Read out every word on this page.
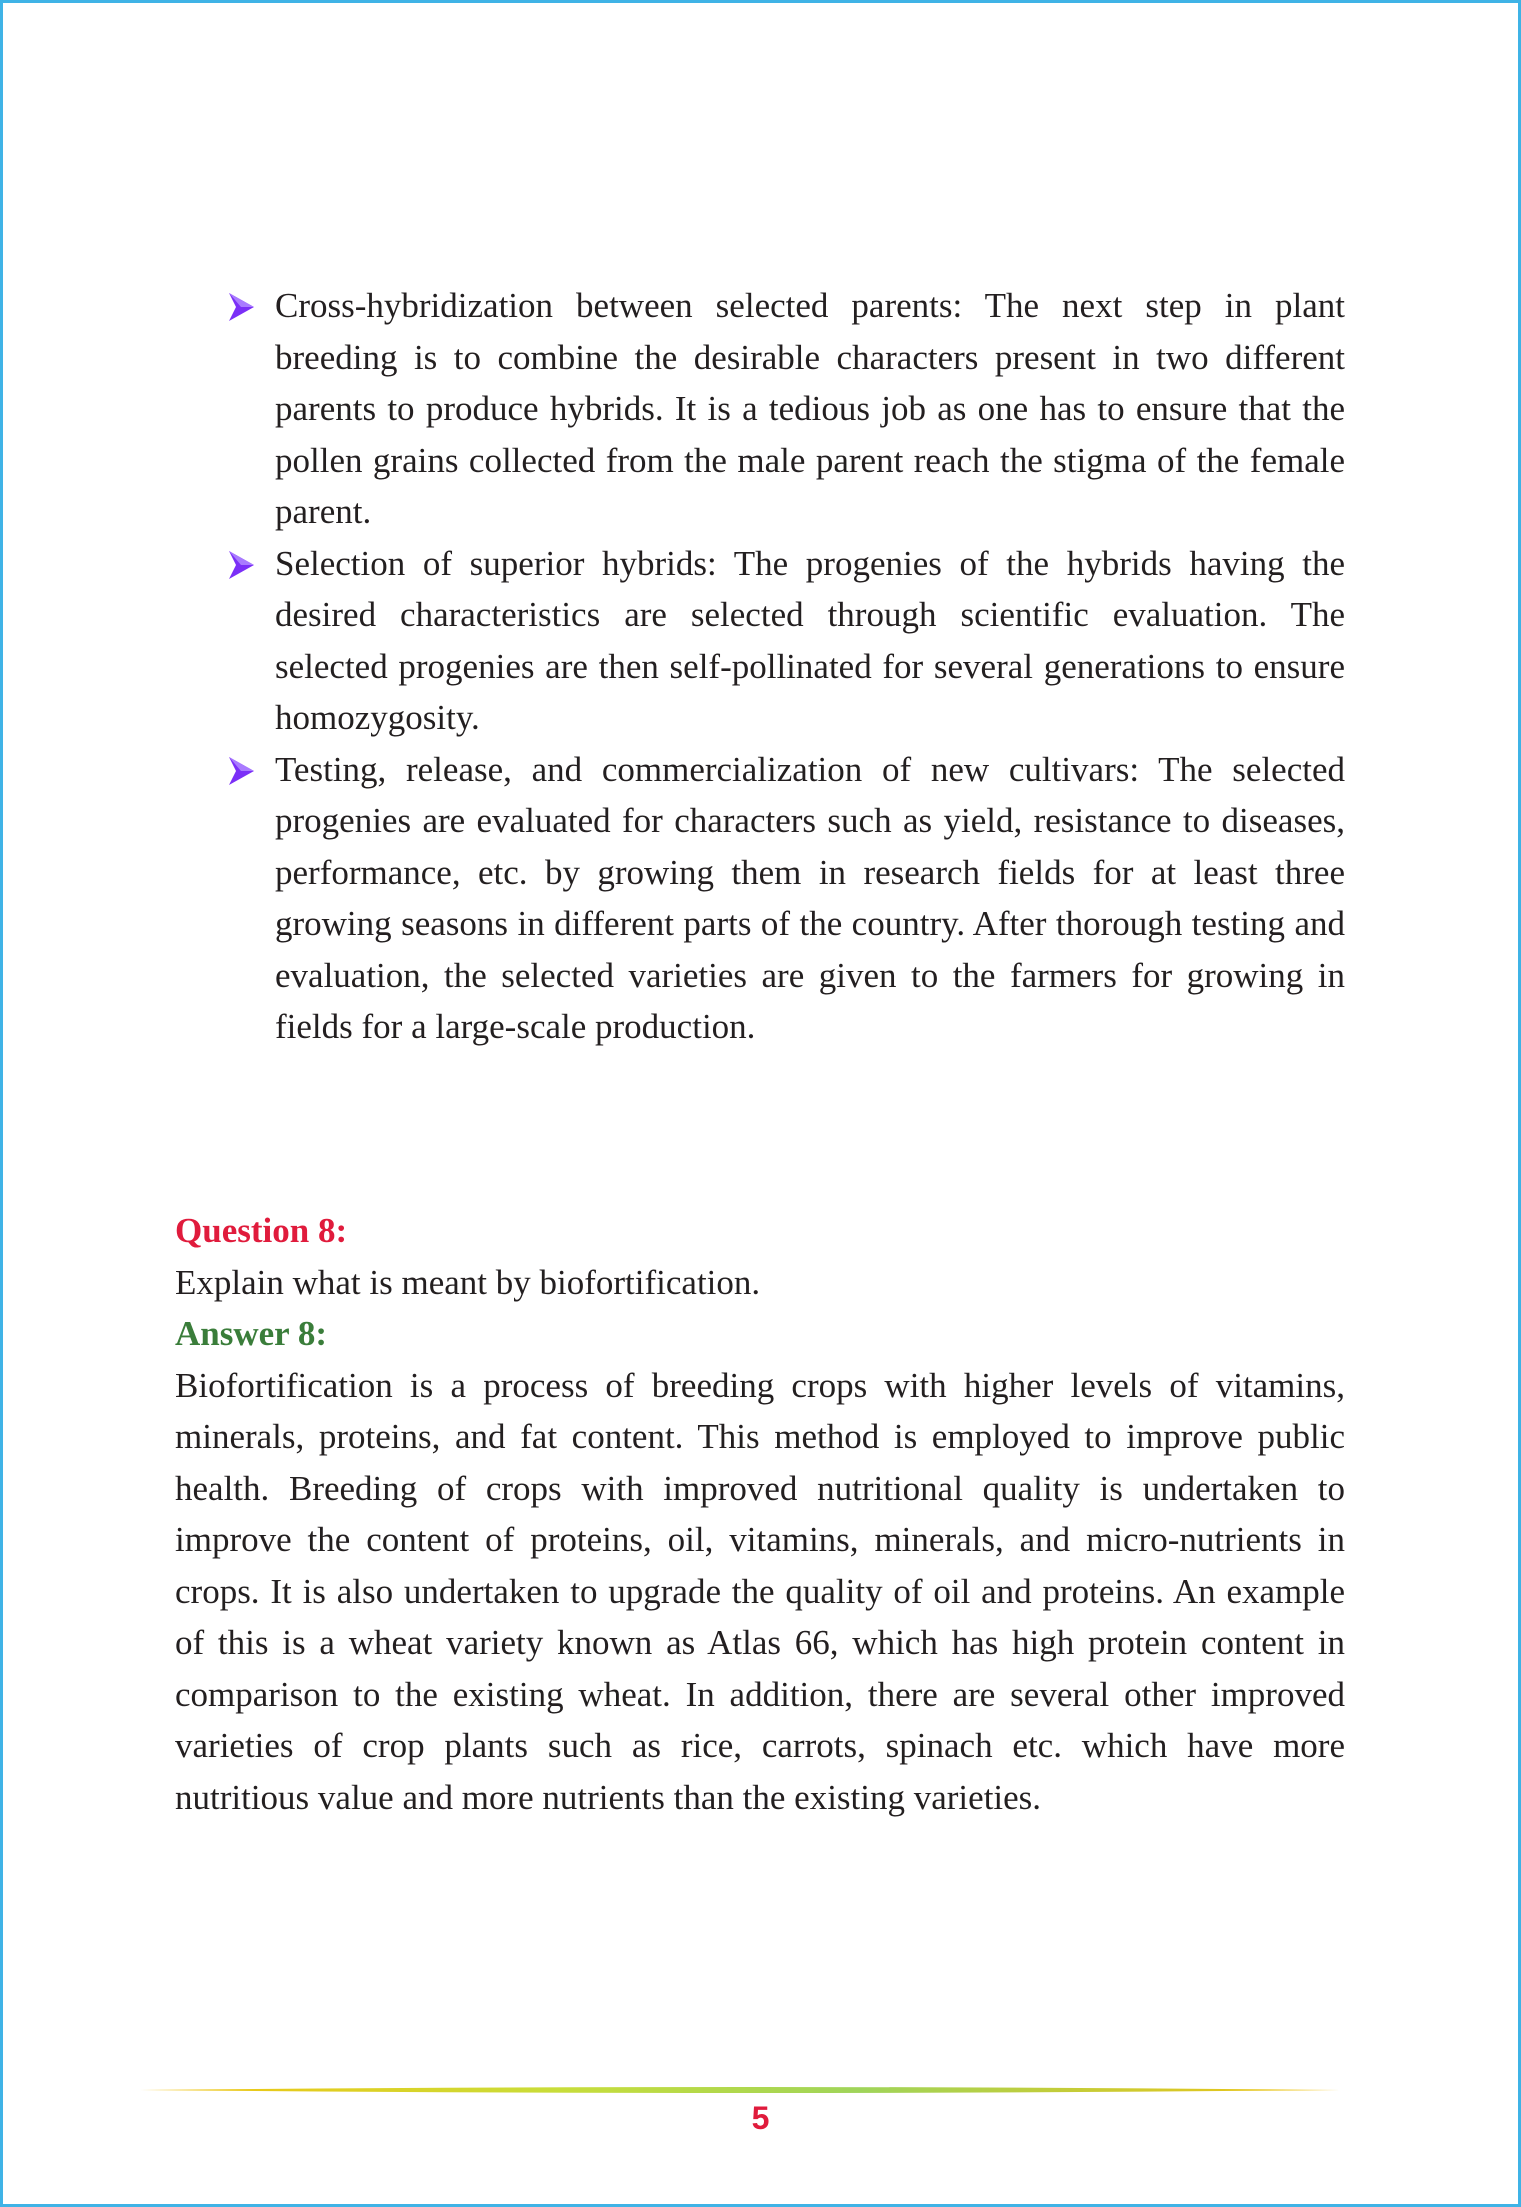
Cross-hybridization between selected parents: The next step in plant breeding is to combine the desirable characters present in two different parents to produce hybrids. It is a tedious job as one has to ensure that the pollen grains collected from the male parent reach the stigma of the female parent.
Selection of superior hybrids: The progenies of the hybrids having the desired characteristics are selected through scientific evaluation. The selected progenies are then self-pollinated for several generations to ensure homozygosity.
Testing, release, and commercialization of new cultivars: The selected progenies are evaluated for characters such as yield, resistance to diseases, performance, etc. by growing them in research fields for at least three growing seasons in different parts of the country. After thorough testing and evaluation, the selected varieties are given to the farmers for growing in fields for a large-scale production.

Question 8:

Explain what is meant by biofortification.

Answer 8:

Biofortification is a process of breeding crops with higher levels of vitamins, minerals, proteins, and fat content. This method is employed to improve public health. Breeding of crops with improved nutritional quality is undertaken to improve the content of proteins, oil, vitamins, minerals, and micro-nutrients in crops. It is also undertaken to upgrade the quality of oil and proteins. An example of this is a wheat variety known as Atlas 66, which has high protein content in comparison to the existing wheat. In addition, there are several other improved varieties of crop plants such as rice, carrots, spinach etc. which have more nutritious value and more nutrients than the existing varieties.

5
